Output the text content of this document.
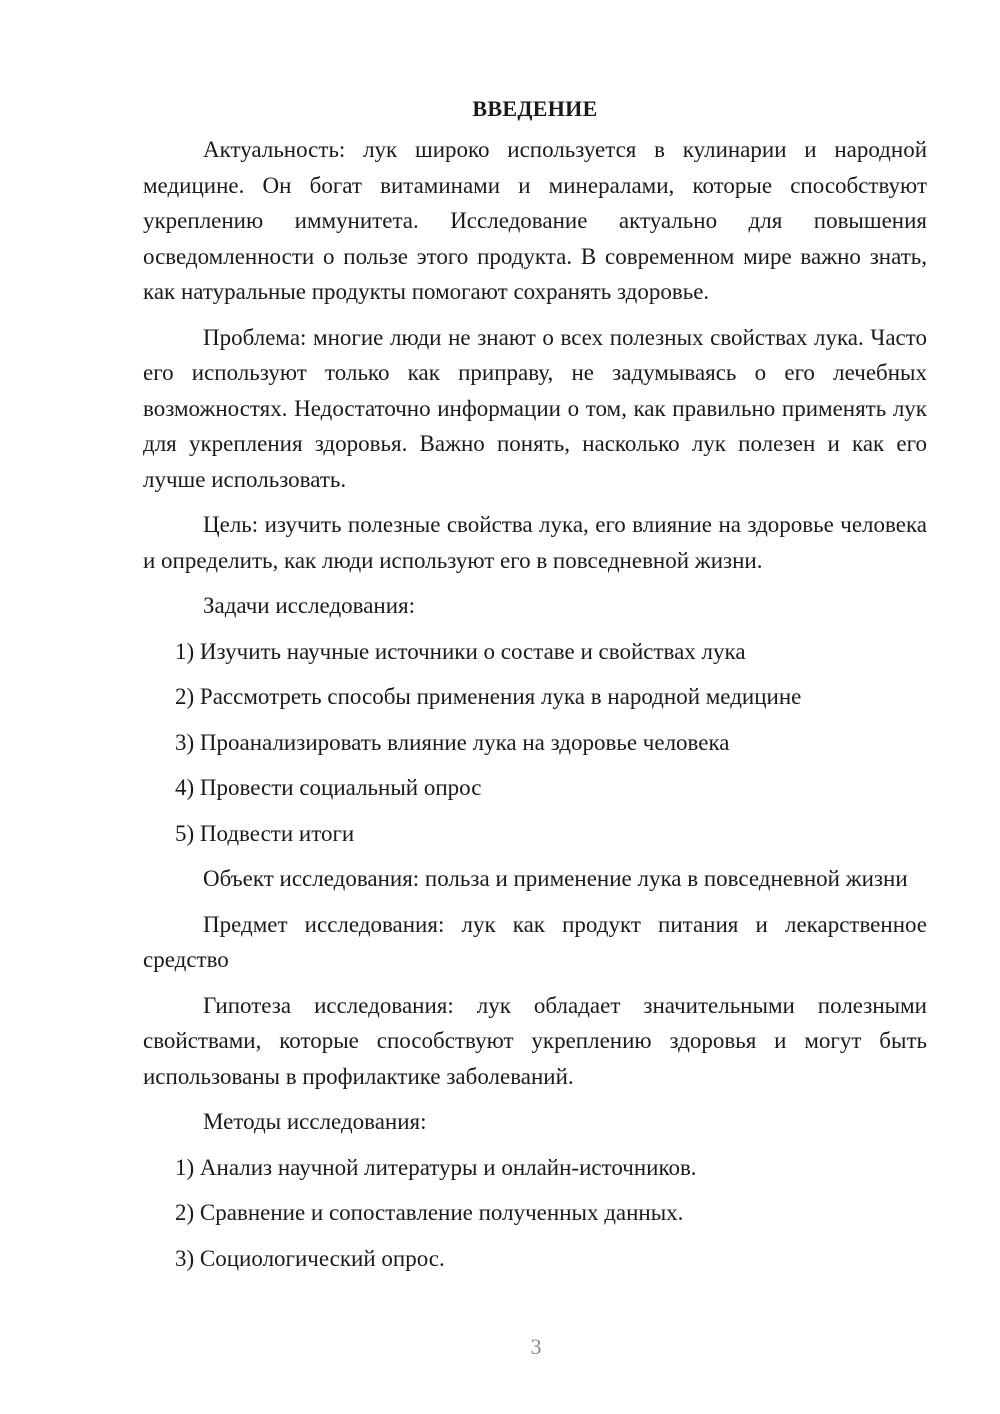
ВВЕДЕНИЕ

Актуальность: лук широко используется в кулинарии и народной медицине. Он богат витаминами и минералами, которые способствуют укреплению иммунитета. Исследование актуально для повышения осведомленности о пользе этого продукта. В современном мире важно знать, как натуральные продукты помогают сохранять здоровье.

Проблема: многие люди не знают о всех полезных свойствах лука. Часто его используют только как приправу, не задумываясь о его лечебных возможностях. Недостаточно информации о том, как правильно применять лук для укрепления здоровья. Важно понять, насколько лук полезен и как его лучше использовать.

Цель: изучить полезные свойства лука, его влияние на здоровье человека и определить, как люди используют его в повседневной жизни.

Задачи исследования:
1) Изучить научные источники о составе и свойствах лука
2) Рассмотреть способы применения лука в народной медицине
3) Проанализировать влияние лука на здоровье человека
4) Провести социальный опрос
5) Подвести итоги

Объект исследования: польза и применение лука в повседневной жизни

Предмет исследования: лук как продукт питания и лекарственное средство

Гипотеза исследования: лук обладает значительными полезными свойствами, которые способствуют укреплению здоровья и могут быть использованы в профилактике заболеваний.

Методы исследования:
1) Анализ научной литературы и онлайн-источников.
2) Сравнение и сопоставление полученных данных.
3) Социологический опрос.
3
